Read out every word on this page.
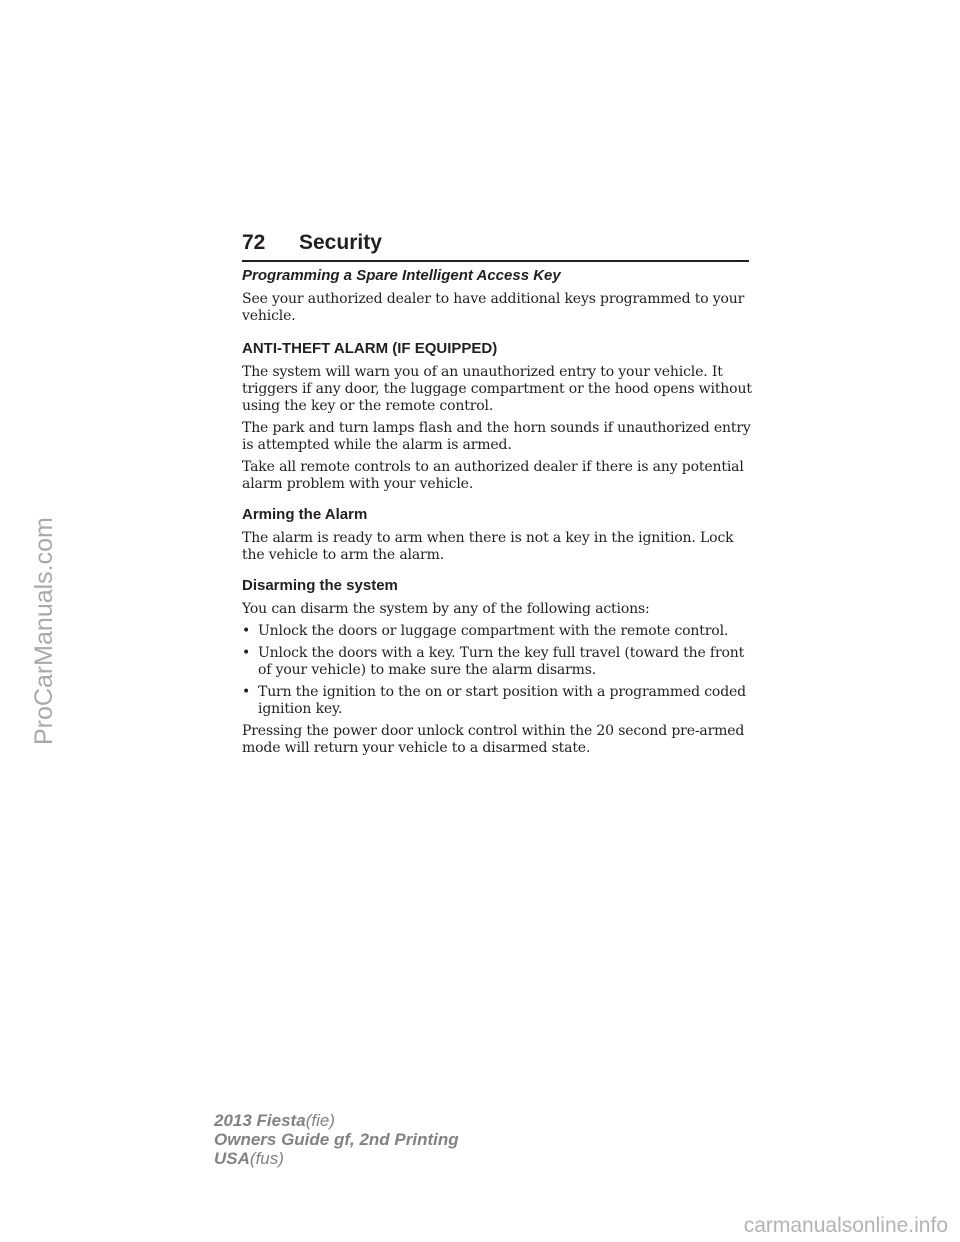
72 Security
Programming a Spare Intelligent Access Key

See your authorized dealer to have additional keys programmed to your vehicle.

ANTI-THEFT ALARM (IF EQUIPPED)

The system will warn you of an unauthorized entry to your vehicle. It triggers if any door, the luggage compartment or the hood opens without using the key or the remote control.

The park and turn lamps flash and the horn sounds if unauthorized entry is attempted while the alarm is armed.

Take all remote controls to an authorized dealer if there is any potential alarm problem with your vehicle.

Arming the Alarm

The alarm is ready to arm when there is not a key in the ignition. Lock the vehicle to arm the alarm.

Disarming the system

You can disarm the system by any of the following actions:

• Unlock the doors or luggage compartment with the remote control.
• Unlock the doors with a key. Turn the key full travel (toward the front of your vehicle) to make sure the alarm disarms.
• Turn the ignition to the on or start position with a programmed coded ignition key.

Pressing the power door unlock control within the 20 second pre-armed mode will return your vehicle to a disarmed state.

2013 Fiesta(fie)
Owners Guide gf, 2nd Printing
USA(fus)
ProCarManuals.com
carmanualsonline.info
